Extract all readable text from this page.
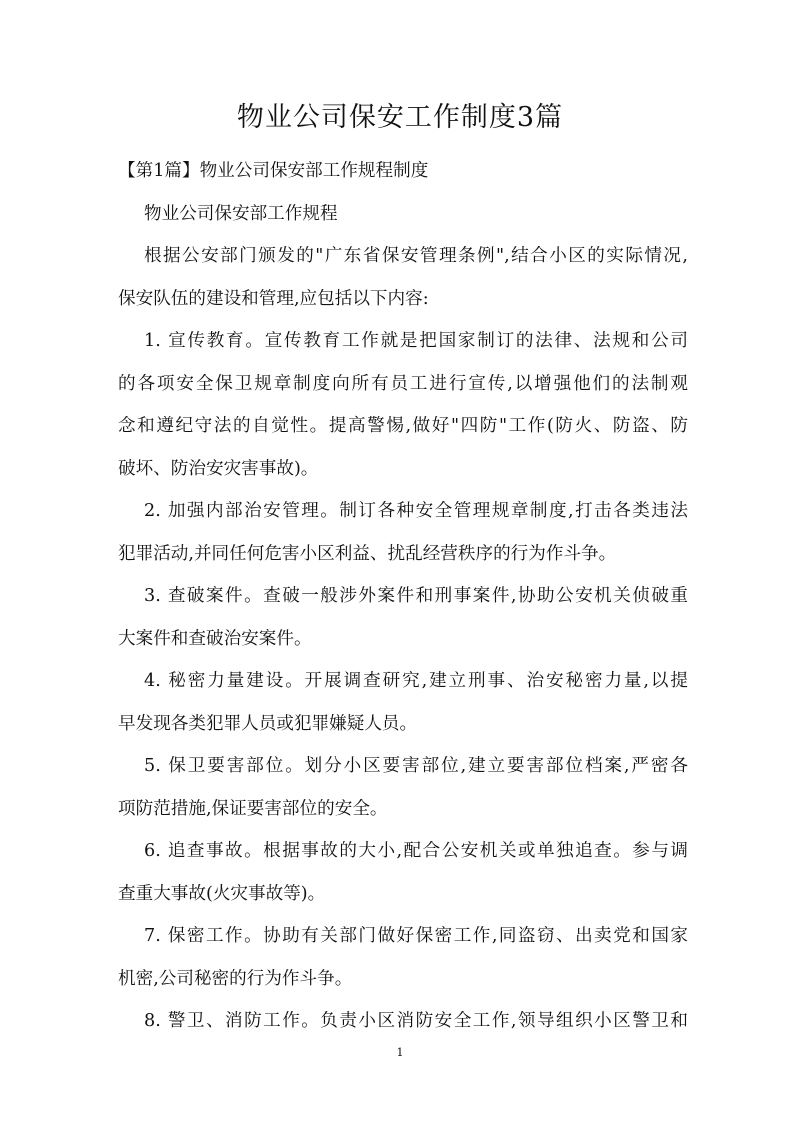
物业公司保安工作制度3篇
【第1篇】物业公司保安部工作规程制度
物业公司保安部工作规程
根据公安部门颁发的"广东省保安管理条例",结合小区的实际情况,
保安队伍的建设和管理,应包括以下内容:
1. 宣传教育。宣传教育工作就是把国家制订的法律、法规和公司
的各项安全保卫规章制度向所有员工进行宣传,以增强他们的法制观
念和遵纪守法的自觉性。提高警惕,做好"四防"工作(防火、防盗、防
破坏、防治安灾害事故)。
2. 加强内部治安管理。制订各种安全管理规章制度,打击各类违法
犯罪活动,并同任何危害小区利益、扰乱经营秩序的行为作斗争。
3. 查破案件。查破一般涉外案件和刑事案件,协助公安机关侦破重
大案件和查破治安案件。
4. 秘密力量建设。开展调查研究,建立刑事、治安秘密力量,以提
早发现各类犯罪人员或犯罪嫌疑人员。
5. 保卫要害部位。划分小区要害部位,建立要害部位档案,严密各
项防范措施,保证要害部位的安全。
6. 追查事故。根据事故的大小,配合公安机关或单独追查。参与调
查重大事故(火灾事故等)。
7. 保密工作。协助有关部门做好保密工作,同盗窃、出卖党和国家
机密,公司秘密的行为作斗争。
8. 警卫、消防工作。负责小区消防安全工作,领导组织小区警卫和
1
